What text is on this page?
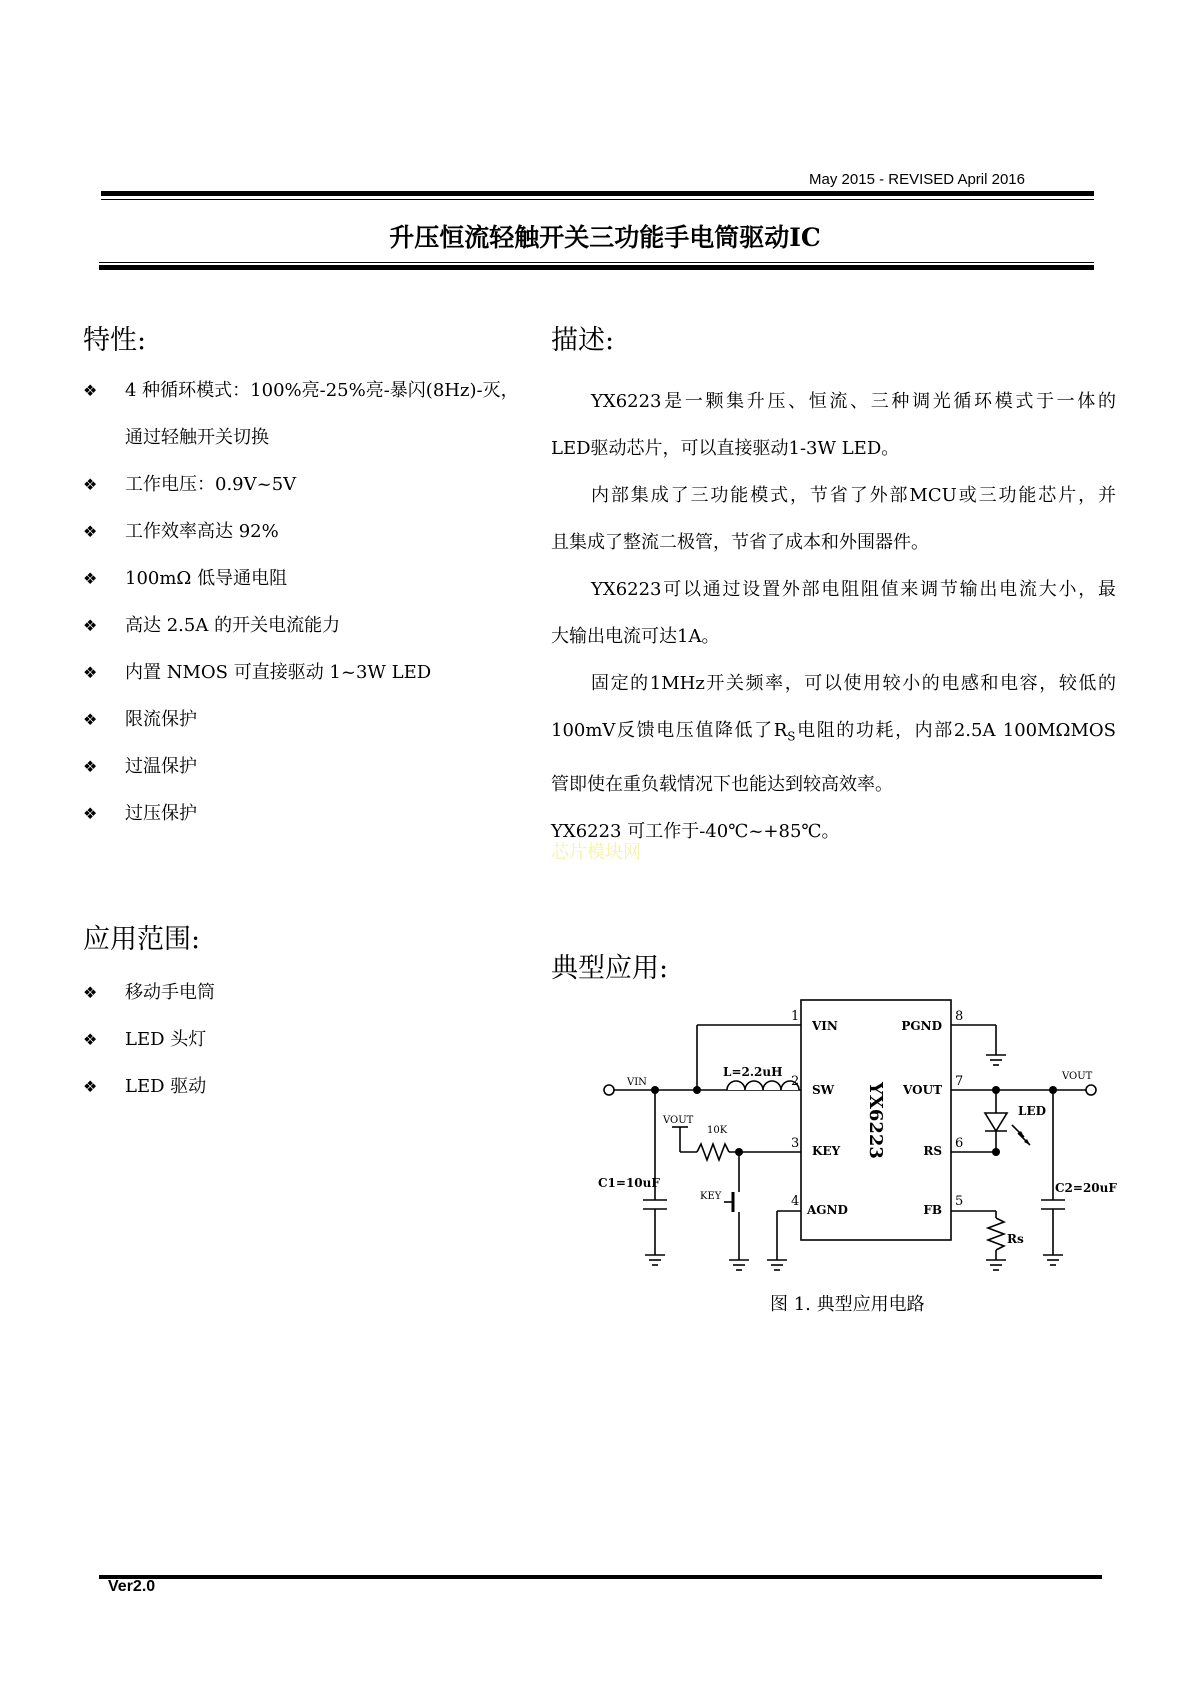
May 2015 - REVISED April 2016
升压恒流轻触开关三功能手电筒驱动IC
特性:
❖ 4 种循环模式：100%亮-25%亮-暴闪(8Hz)-灭，
通过轻触开关切换
❖ 工作电压：0.9V~5V
❖ 工作效率高达 92%
❖ 100mΩ 低导通电阻
❖ 高达 2.5A 的开关电流能力
❖ 内置 NMOS 可直接驱动 1~3W LED
❖ 限流保护
❖ 过温保护
❖ 过压保护
应用范围:
❖ 移动手电筒
❖ LED 头灯
❖ LED 驱动
描述:

YX6223是一颗集升压、恒流、三种调光循环模式于一体的

LED驱动芯片，可以直接驱动1-3W LED。

内部集成了三功能模式，节省了外部MCU或三功能芯片，并

且集成了整流二极管，节省了成本和外围器件。

YX6223可以通过设置外部电阻阻值来调节输出电流大小，最

大输出电流可达1A。

固定的1MHz开关频率，可以使用较小的电感和电容，较低的

100mV反馈电压值降低了$R_S$电阻的功耗，内部2.5A 100MΩMOS

管即使在重负载情况下也能达到较高效率。

YX6223 可工作于-40℃~+85℃。

芯片模块网
典型应用:
VIN
SW
KEY
AGND
PGND
VOUT
RS
FB
L=2.2uH
C1=10uF	C2=20uF
LED
Rs
1
2
3
4
8
7
6
5
VIN
VOUT
VOUT
10K
KEY
YX6223
图 1. 典型应用电路
Ver2.0
